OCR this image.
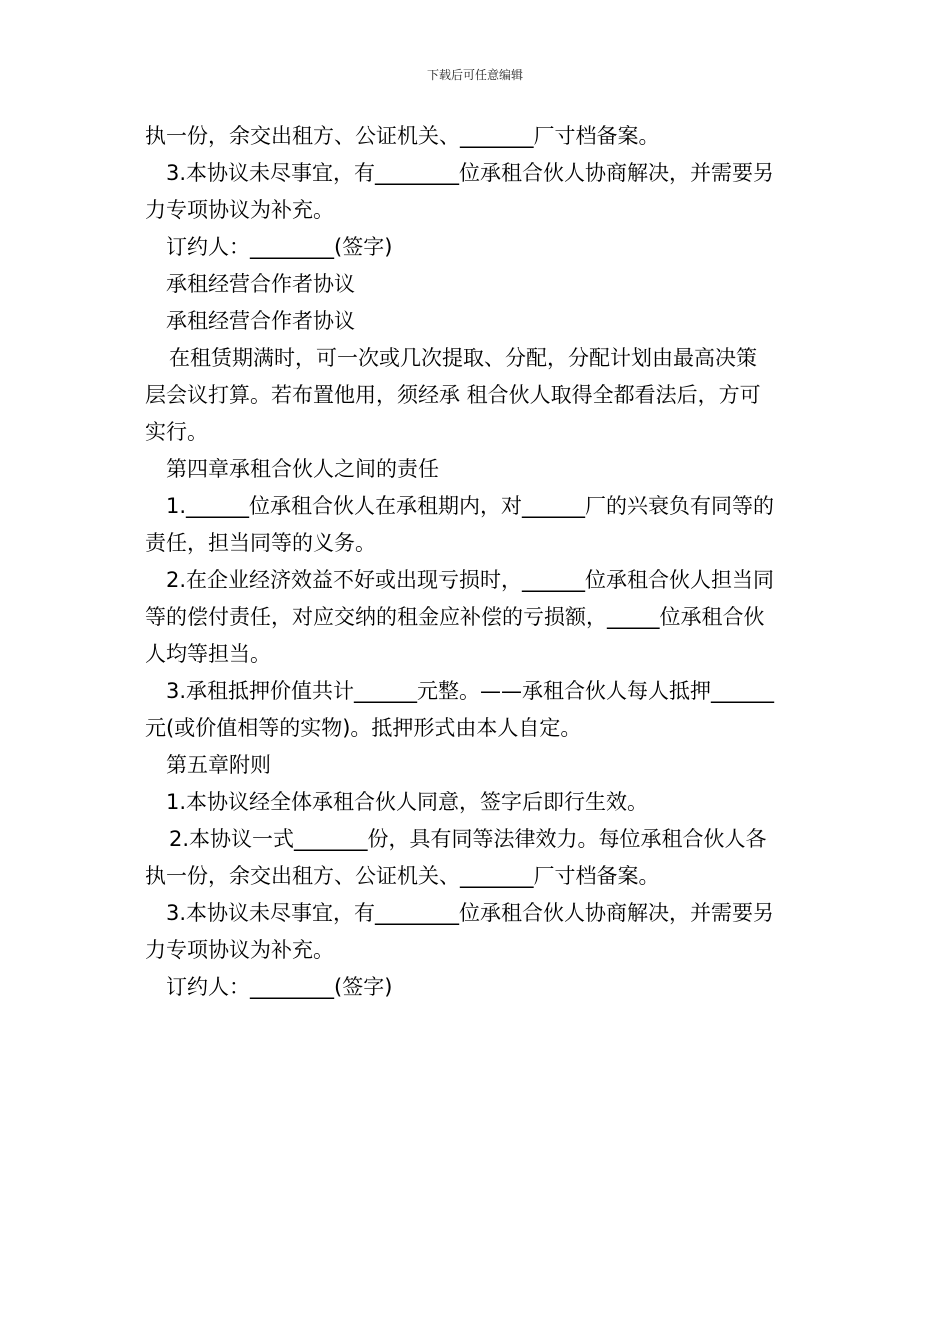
下载后可任意编辑
执一份，余交出租方、公证机关、_______厂寸档备案。
3.本协议未尽事宜，有________位承租合伙人协商解决，并需要另
力专项协议为补充。
订约人：________(签字)
承租经营合作者协议
承租经营合作者协议
在租赁期满时，可一次或几次提取、分配，分配计划由最高决策
层会议打算。若布置他用，须经承 租合伙人取得全都看法后，方可
实行。
第四章承租合伙人之间的责任
1.______位承租合伙人在承租期内，对______厂的兴衰负有同等的
责任，担当同等的义务。
2.在企业经济效益不好或出现亏损时，______位承租合伙人担当同
等的偿付责任，对应交纳的租金应补偿的亏损额，_____位承租合伙
人均等担当。
3.承租抵押价值共计______元整。——承租合伙人每人抵押______
元(或价值相等的实物)。抵押形式由本人自定。
第五章附则
1.本协议经全体承租合伙人同意，签字后即行生效。
2.本协议一式_______份，具有同等法律效力。每位承租合伙人各
执一份，余交出租方、公证机关、_______厂寸档备案。
3.本协议未尽事宜，有________位承租合伙人协商解决，并需要另
力专项协议为补充。
订约人：________(签字)
